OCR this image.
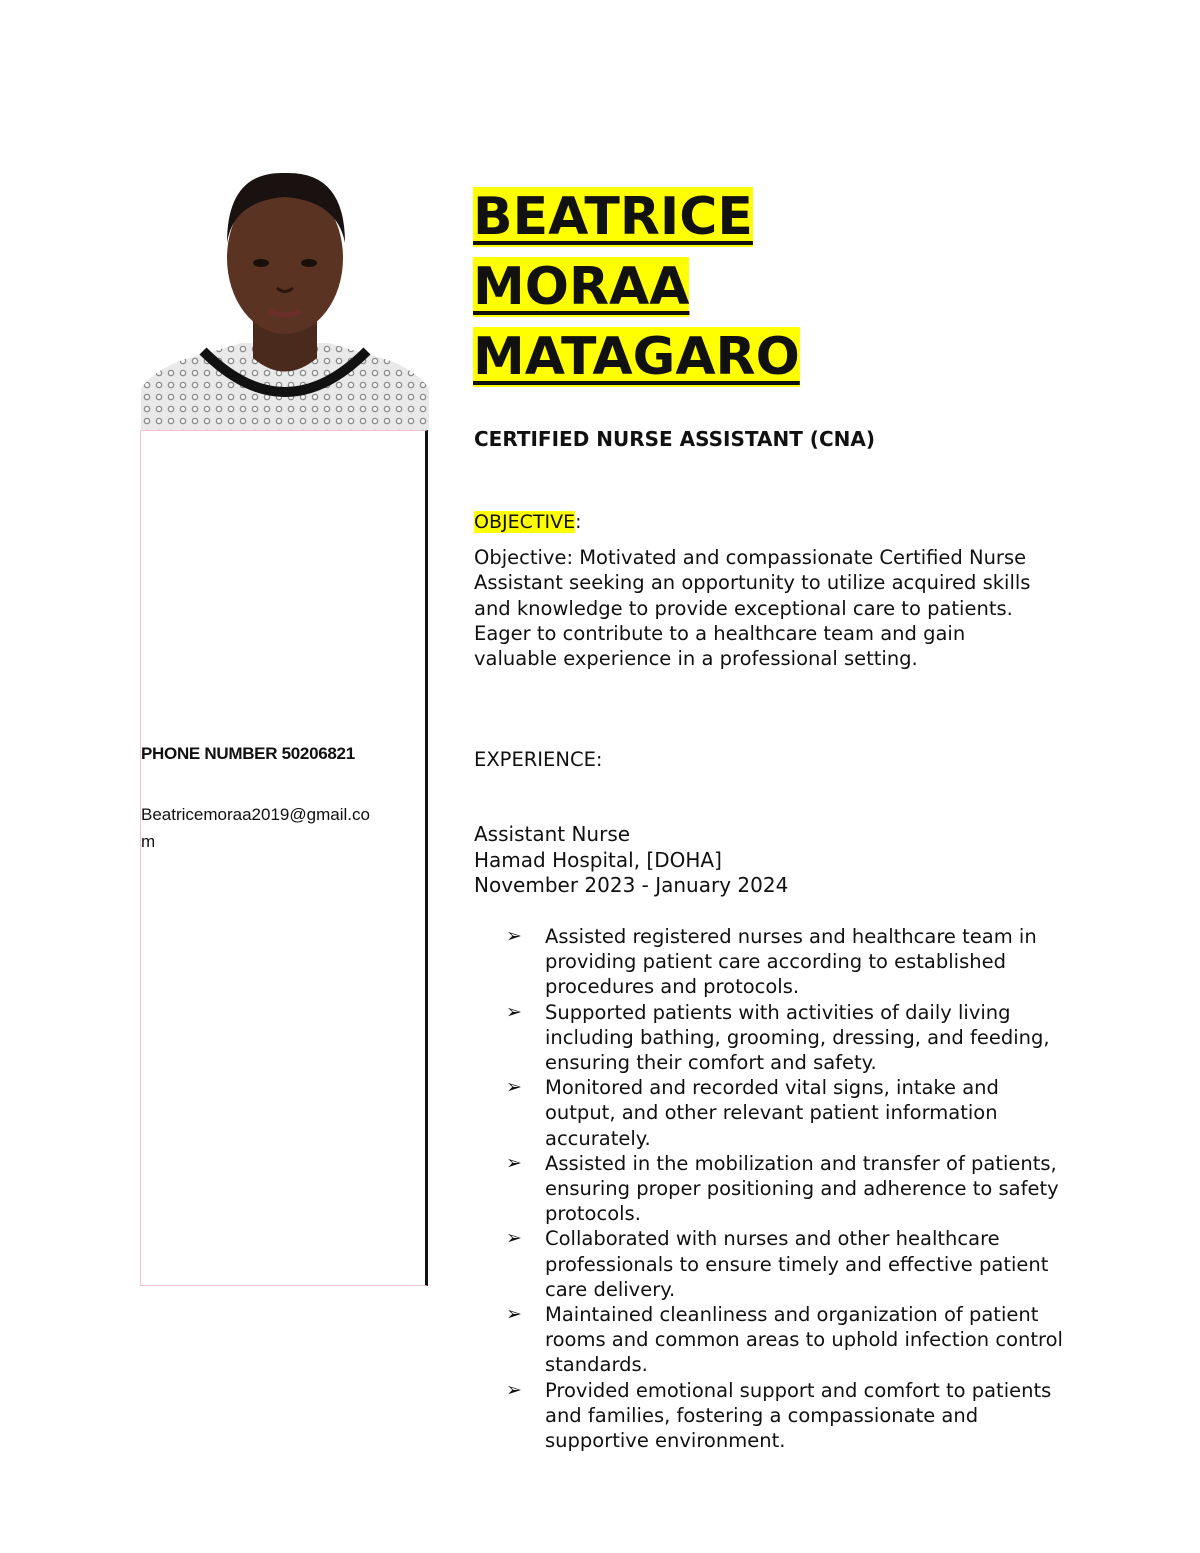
PHONE NUMBER 50206821
Beatricemoraa2019@gmail.com
BEATRICE
MORAA
MATAGARO
CERTIFIED NURSE ASSISTANT (CNA)
OBJECTIVE:
Objective: Motivated and compassionate Certified Nurse Assistant seeking an opportunity to utilize acquired skills and knowledge to provide exceptional care to patients. Eager to contribute to a healthcare team and gain valuable experience in a professional setting.
EXPERIENCE:
Assistant Nurse
Hamad Hospital, [DOHA]
November 2023 - January 2024
➢ Assisted registered nurses and healthcare team in providing patient care according to established procedures and protocols.
➢ Supported patients with activities of daily living including bathing, grooming, dressing, and feeding, ensuring their comfort and safety.
➢ Monitored and recorded vital signs, intake and output, and other relevant patient information accurately.
➢ Assisted in the mobilization and transfer of patients, ensuring proper positioning and adherence to safety protocols.
➢ Collaborated with nurses and other healthcare professionals to ensure timely and effective patient care delivery.
➢ Maintained cleanliness and organization of patient rooms and common areas to uphold infection control standards.
➢ Provided emotional support and comfort to patients and families, fostering a compassionate and supportive environment.
